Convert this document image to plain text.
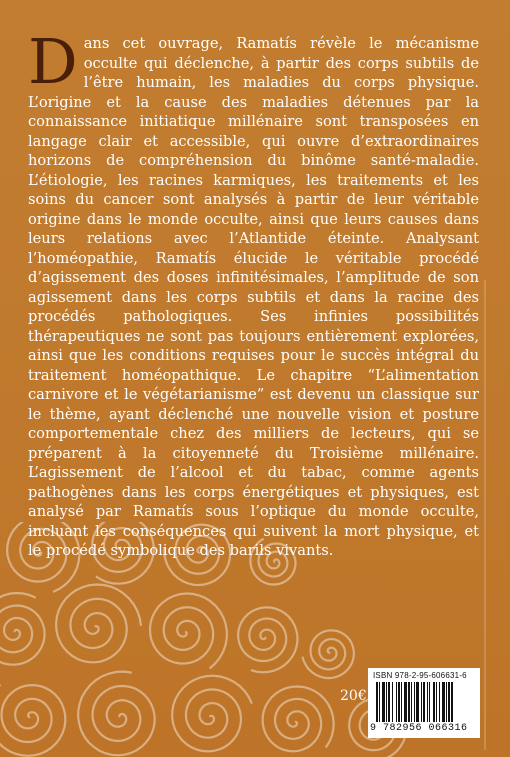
Dans cet ouvrage, Ramatís révèle le mécanisme occulte qui déclenche, à partir des corps subtils de l’être humain, les maladies du corps physique. L’origine et la cause des maladies détenues par la connaissance initiatique millénaire sont transposées en langage clair et accessible, qui ouvre d’extraordinaires horizons de compréhension du binôme santé-maladie. L’étiologie, les racines karmiques, les traitements et les soins du cancer sont analysés à partir de leur véritable origine dans le monde occulte, ainsi que leurs causes dans leurs relations avec l’Atlantide éteinte. Analysant l’homéopathie, Ramatís élucide le véritable procédé d’agissement des doses infinitésimales, l’amplitude de son agissement dans les corps subtils et dans la racine des procédés pathologiques. Ses infinies possibilités thérapeutiques ne sont pas toujours entièrement explorées, ainsi que les conditions requises pour le succès intégral du traitement homéopathique. Le chapitre “L’alimentation carnivore et le végétarianisme” est devenu un classique sur le thème, ayant déclenché une nouvelle vision et posture comportementale chez des milliers de lecteurs, qui se préparent à la citoyenneté du Troisième millénaire. L’agissement de l’alcool et du tabac, comme agents pathogènes dans les corps énergétiques et physiques, est analysé par Ramatís sous l’optique du monde occulte, incluant les conséquences qui suivent la mort physique, et le procédé symbolique des barils vivants.

20€
ISBN 978-2-95-606631-6
9 782956 066316
